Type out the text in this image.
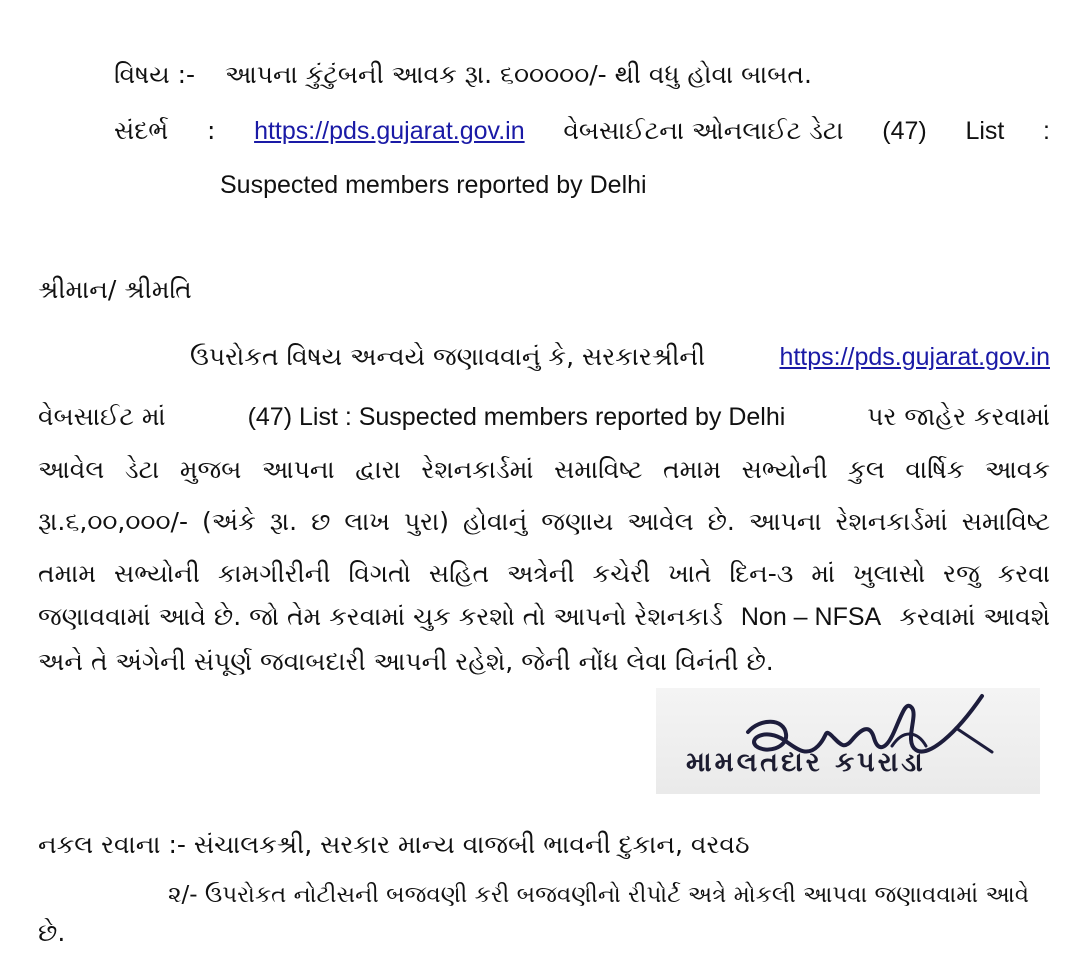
વિષય :- આપના કુંટુંબની આવક રૂા. ૬૦૦૦૦૦/- થી વધુ હોવા બાબત.
સંદર્ભ : https://pds.gujarat.gov.in વેબસાઈટના ઓનલાઈટ ડેટા (47) List :
Suspected members reported by Delhi
શ્રીમાન/ શ્રીમતિ
ઉપરોકત વિષય અન્વયે જણાવવાનું કે, સરકારશ્રીની	https://pds.gujarat.gov.in
વેબસાઈટ માં	(47) List : Suspected members reported by Delhi	પર જાહેર કરવામાં
આવેલ ડેટા મુજબ આપના દ્વારા રેશનકાર્ડમાં સમાવિષ્ટ તમામ સભ્યોની કુલ વાર્ષિક આવક
રૂા.૬,૦૦,૦૦૦/- (અંકે રૂા. છ લાખ પુરા) હોવાનું જણાય આવેલ છે. આપના રેશનકાર્ડમાં સમાવિષ્ટ
તમામ સભ્યોની કામગીરીની વિગતો સહિત અત્રેની કચેરી ખાતે દિન-૩ માં ખુલાસો રજુ કરવા
જણાવવામાં આવે છે. જો તેમ કરવામાં ચુક કરશો તો આપનો રેશનકાર્ડ Non – NFSA કરવામાં આવશે
અને તે અંગેની સંપૂર્ણ જવાબદારી આપની રહેશે, જેની નોંધ લેવા વિનંતી છે.
મામલતદાર કપરાડા
નકલ રવાના :- સંચાલકશ્રી, સરકાર માન્ય વાજબી ભાવની દુકાન, વરવઠ
૨/- ઉપરોકત નોટીસની બજવણી કરી બજવણીનો રીપોર્ટ અત્રે મોકલી આપવા જણાવવામાં આવે
છે.
